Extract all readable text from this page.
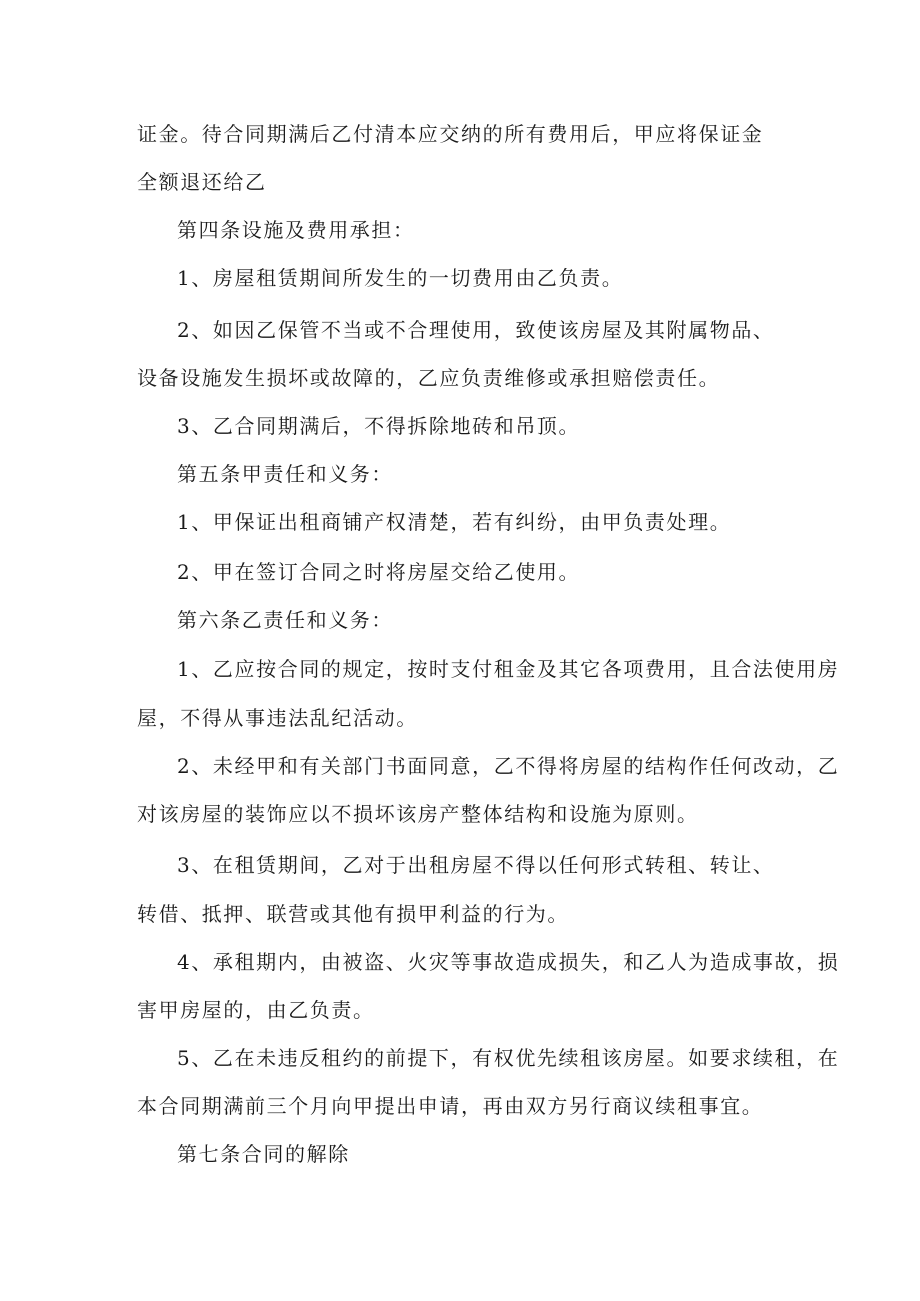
证金。待合同期满后乙付清本应交纳的所有费用后，甲应将保证金
全额退还给乙
第四条设施及费用承担：
1、房屋租赁期间所发生的一切费用由乙负责。
2、如因乙保管不当或不合理使用，致使该房屋及其附属物品、
设备设施发生损坏或故障的，乙应负责维修或承担赔偿责任。
3、乙合同期满后，不得拆除地砖和吊顶。
第五条甲责任和义务：
1、甲保证出租商铺产权清楚，若有纠纷，由甲负责处理。
2、甲在签订合同之时将房屋交给乙使用。
第六条乙责任和义务：
1、乙应按合同的规定，按时支付租金及其它各项费用，且合法使用房
屋，不得从事违法乱纪活动。
2、未经甲和有关部门书面同意，乙不得将房屋的结构作任何改动，乙
对该房屋的装饰应以不损坏该房产整体结构和设施为原则。
3、在租赁期间，乙对于出租房屋不得以任何形式转租、转让、
转借、抵押、联营或其他有损甲利益的行为。
4、承租期内，由被盗、火灾等事故造成损失，和乙人为造成事故，损
害甲房屋的，由乙负责。
5、乙在未违反租约的前提下，有权优先续租该房屋。如要求续租，在
本合同期满前三个月向甲提出申请，再由双方另行商议续租事宜。
第七条合同的解除
